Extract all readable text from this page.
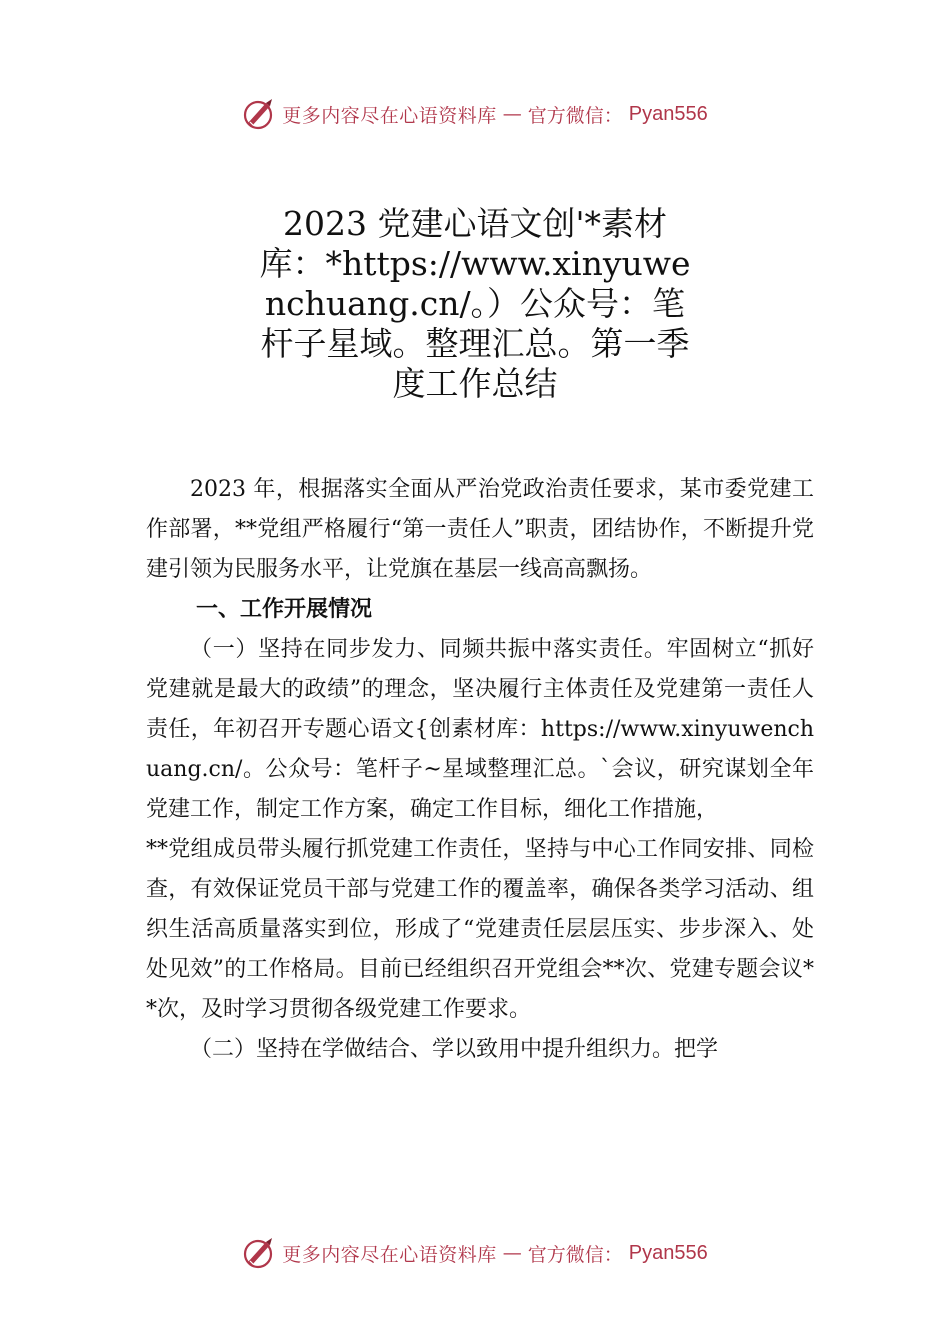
更多内容尽在心语资料库 — 官方微信： Pyan556
2023 党建心语文创'*素材库：*https://www.xinyuwenchuang.cn/。）公众号：笔杆子星域。整理汇总。第一季度工作总结

2023 年，根据落实全面从严治党政治责任要求，某市委党建工作部署，**党组严格履行“第一责任人”职责，团结协作，不断提升党建引领为民服务水平，让党旗在基层一线高高飘扬。

一、工作开展情况

（一）坚持在同步发力、同频共振中落实责任。牢固树立“抓好党建就是最大的政绩”的理念，坚决履行主体责任及党建第一责任人责任，年初召开专题心语文{创素材库：https://www.xinyuwenchuang.cn/。公众号：笔杆子~星域整理汇总。`会议，研究谋划全年党建工作，制定工作方案，确定工作目标，细化工作措施，

**党组成员带头履行抓党建工作责任，坚持与中心工作同安排、同检查，有效保证党员干部与党建工作的覆盖率，确保各类学习活动、组织生活高质量落实到位，形成了“党建责任层层压实、步步深入、处处见效”的工作格局。目前已经组织召开党组会**次、党建专题会议**次，及时学习贯彻各级党建工作要求。

（二）坚持在学做结合、学以致用中提升组织力。把学

更多内容尽在心语资料库 — 官方微信： Pyan556
